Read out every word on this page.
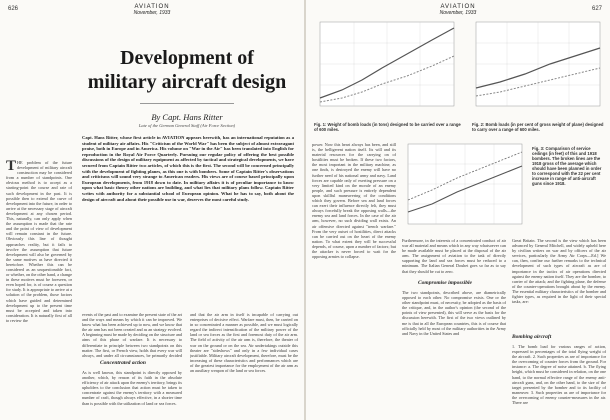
626	AVIATION
November, 1933
Development of
military aircraft design
By Capt. Hans Ritter
Late of the German General Staff (Air Force Section)
T HE problem of the future development of military aircraft construction may be considered from a number of standpoints. One obvious method is to accept as a starting-point the course and rate of such development in the past. It is possible then to extend the curve of development into the future, in order to arrive at the necessary stage of aircraft development at any chosen period. This, naturally, can only apply when the assumption is made that the rate and the point of view of development will remain constant in the future. Obviously this line of thought approaches reality, but it fails to involve the assumption that future development will also be governed by the same motives as have directed it heretofore. Whether this can be considered as an unquestionable fact, or whether, on the other hand, a change in these motives must be foreseen, or even hoped for, is of course a question for study. It is appropriate to arrive at a solution of the problem, those factors which have guided and determined development up to the present time must be accepted and taken into consideration. It is naturally first of all to review the
Capt. Hans Ritter, whose first article in AVIATION appears herewith, has an international reputation as a student of military air affairs. His "Criticism of the World War" has been the subject of almost extravagant praise, both in Europe and in America. His volume on "War in the Air" has been translated into English for reproduction in the Royal Air Force Quarterly. Pursuing our regular policy of offering the best possible discussions of the design of military equipment as affected by tactical and strategical developments, we have secured from Captain Ritter two articles, of which this is the first. The second will be concerned principally with the development of fighting planes, as this one is with bombers. Some of Captain Ritter's observations and criticisms will sound very strange to American readers. His views are of course based principally upon European developments, from 1918 down to date. In military affairs it is of peculiar importance to know upon what basic theory other nations are building, and what lies that military plans follow. Captain Ritter writes with authority for a substantial school of European opinion. What he has to say, both about the design of aircraft and about their possible use in war, deserves the most careful study.
events of the past and to examine the present state of the art and the ways and means by which it can be improved. We know what has been achieved up to now, and we know that the air arm has not been created and as an strategy evolved. A beginning must be made by deciding on the structure and aims of this phase of warfare. It is necessary to differentiate in principle between two standpoints on this matter. The first, or French view, holds that every war will always, and under all circumstances, be primarily decided
Concentrated action
As is well known, this standpoint is directly opposed by another, which, by reason of its faith in the absolute efficiency of air attack upon the enemy's territory, brings its upholders to the conclusion that action must be taken to concentrate against the enemy's territory with a measured number of craft, though always effective, in a shorter time than is possible with the utilization of land or sea forces.
and that the air arm in itself is incapable of carrying out enterprises of decisive effect. Warfare must, then, be carried on in so concentrated a manner as possible, and we must logically regard the indirect intensification of the military power of the land or sea forces as the first and foremost duty of the air arm. The field of activity of the air arm is, therefore, the theater of war on the ground or on the sea. Air undertakings outside this theater are "sideshows" and only in a few individual cases justifiable. Military aircraft development, therefore, must be the increasing of these characteristics and performances which are of the greatest importance for the employment of the air arm as an auxiliary weapon of the land or sea forces.
627
AVIATION
November, 1933
Fig. 1: Weight of bomb loads (in tons) designed to be carried over a range of 600 miles.
Fig. 2: Bomb loads (in per cent of gross weight of plane) designed to carry over a range of 600 miles.
Fig. 3: Comparison of service ceilings (in feet) of this and 1918 bombers. The broken lines are the 1918 gross of the average which should have been planned in order to correspond with the 22 per cent increase in range of anti-aircraft guns since 1918.
power. Now this heart always has been, and still is, the belligerent nation itself. Its will and its material resources for the carrying on of hostilities must be broken. If these two factors, the most important in the military machine, as one finds, is destroyed the enemy will have no further need of his national army and navy. Land forces are capable only of exerting pressure on a very limited kind on the morale of an enemy people, and such pressure is entirely dependent upon skillful maneuvering of the conditions which they govern. Before sea and land forces can exert their influence directly felt, they must always forcefully break the opposing walls—the enemy sea and land forces. In the case of the air arm, however, no such dividing wall exists. An air offensive directed against "trench warfare." From the very outset of hostilities, direct attacks can be carried out on the heart of the enemy nation. To what extent they will be successful depends, of course, upon a number of factors; but the attacker is never forced to wait for the opposing armies to collapse.
Furthermore, in the interests of a concentrated conduct of air war all material and means which in any way whatsoever can be made available must be placed at the disposal of the air arm. The assignment of aviation to the task of directly supporting the land and sea forces must be reduced to a minimum. The Italian General Douhet goes so far as to say that they should be cut to zero.
Compromise impossible
The two standpoints, described above, are diametrically opposed to each other. No compromise exists. One or the other standpoint must, of necessity, be adopted as the basis of the critique, and, in the author's opinion (the second of the points of view presented), this will serve as the basis for the discussion herewith. The first of the two views outlined by me is that in all the European countries, this is of course that officially held by most of the military authorities in the Army and Navy in the United States and
Great Britain. The second is the view which has been advanced by General Mitchell, and widely upheld here by civilian writers on war and by officers of the air services, particularly the Army Air Corps—Ed.] We can, then, confine our further remarks to the technical development of such types of aircraft as are of importance in the tactics of air operations directed against the enemy nation itself. They are the bomber, to carrier of the attack; and the fighting plane, the defense of the counter-operations brought about by the enemy. The essential military characteristics of the bomber and fighter types, as required in the light of their special tasks, are:
Bombing aircraft
1. The bomb load for various ranges of action, expressed in percentages of the total flying weight of the aircraft. 2. Such properties as are of importance for the overcoming of counter forces from the ground. For instance: a. The degree of noise attained. b. The flying height, which must be considered in relation, on the one hand, to the normal effective range of the enemy anti-aircraft guns, and, on the other hand, to the size of the target presented by the bomber and to its facility of maneuver. 3. Such properties as are of importance for the overcoming of enemy counter-measures in the air. There are
